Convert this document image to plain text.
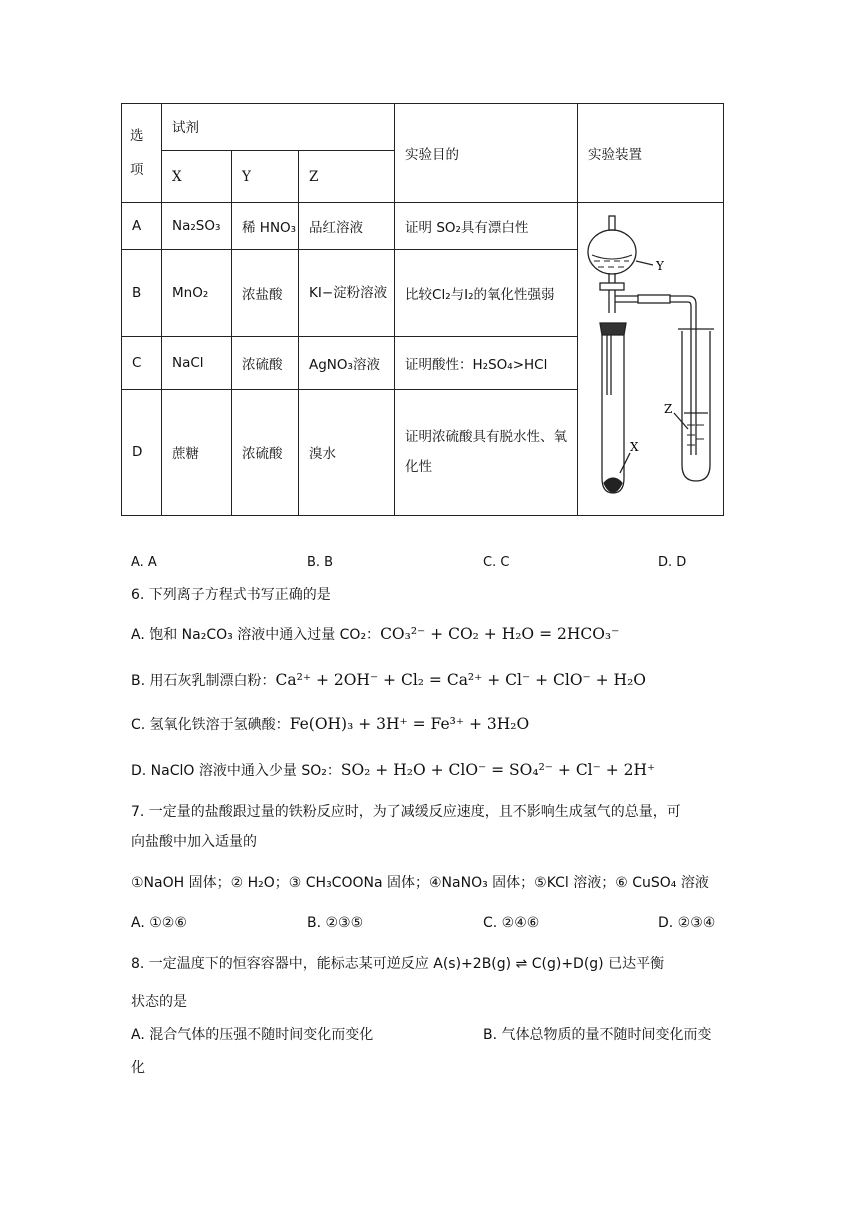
选项	试剂			实验目的	实验装置
	X	Y	Z		
A	Na₂SO₃	稀 HNO₃	品红溶液	证明 SO₂具有漂白性	Y
Z
X

B	MnO₂	浓盐酸	KI−淀粉溶液	比较Cl₂与I₂的氧化性强弱	
C	NaCl	浓硫酸	AgNO₃溶液	证明酸性：H₂SO₄>HCl	
D	蔗糖	浓硫酸	溴水	证明浓硫酸具有脱水性、氧化性	
A. A	B. B	C. C	D. D
6. 下列离子方程式书写正确的是
A. 饱和 Na₂CO₃ 溶液中通入过量 CO₂：CO₃²⁻ + CO₂ + H₂O = 2HCO₃⁻
B. 用石灰乳制漂白粉：Ca²⁺ + 2OH⁻ + Cl₂ = Ca²⁺ + Cl⁻ + ClO⁻ + H₂O
C. 氢氧化铁溶于氢碘酸：Fe(OH)₃ + 3H⁺ = Fe³⁺ + 3H₂O
D. NaClO 溶液中通入少量 SO₂：SO₂ + H₂O + ClO⁻ = SO₄²⁻ + Cl⁻ + 2H⁺
7. 一定量的盐酸跟过量的铁粉反应时，为了减缓反应速度，且不影响生成氢气的总量，可
向盐酸中加入适量的
①NaOH 固体；② H₂O；③ CH₃COONa 固体；④NaNO₃ 固体；⑤KCl 溶液；⑥ CuSO₄ 溶液
A. ①②⑥	B. ②③⑤	C. ②④⑥	D. ②③④
8. 一定温度下的恒容容器中，能标志某可逆反应 A(s)+2B(g) ⇌ C(g)+D(g) 已达平衡
状态的是
A. 混合气体的压强不随时间变化而变化	B. 气体总物质的量不随时间变化而变
化
